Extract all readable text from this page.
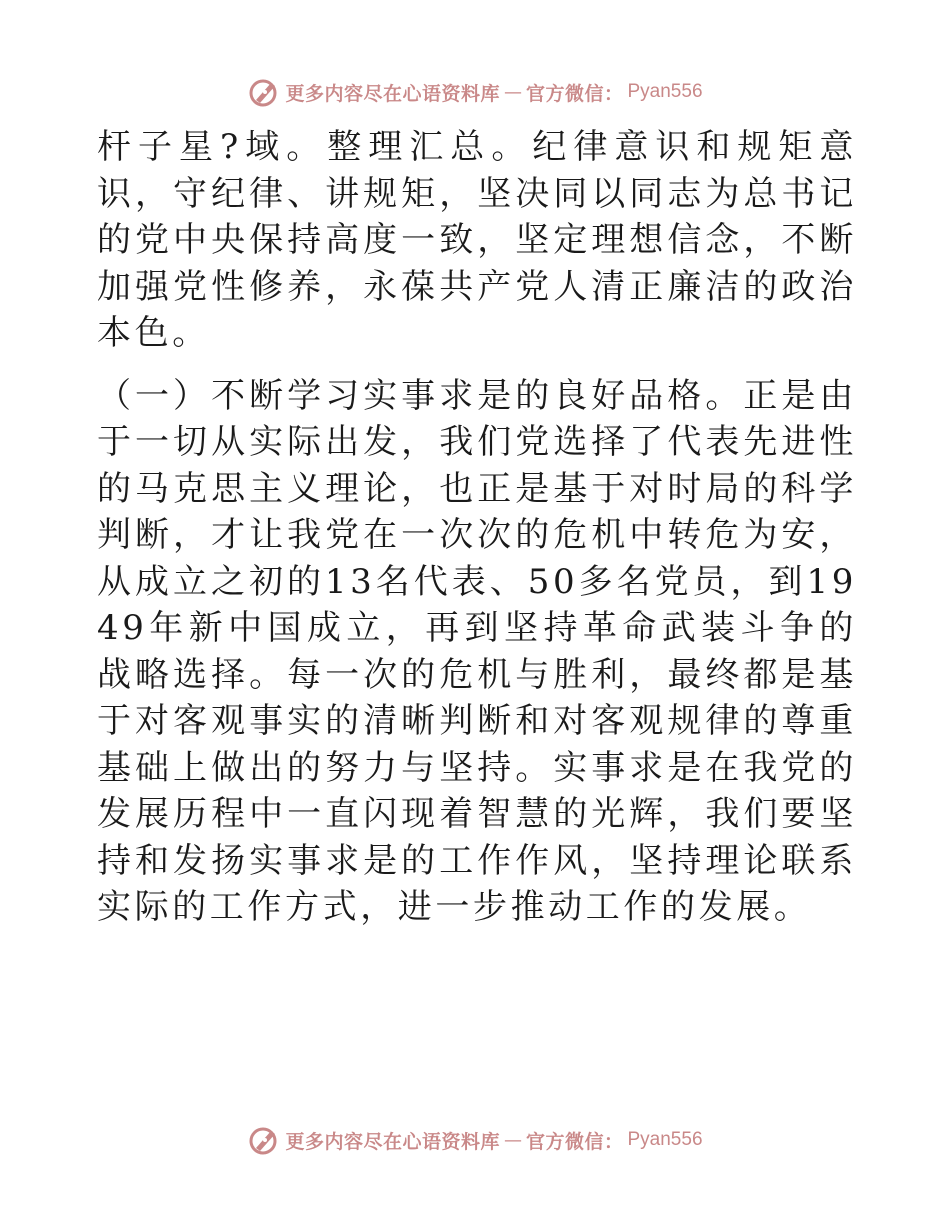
更多内容尽在心语资料库 — 官方微信： Pyan556

杆子星?域。整理汇总。纪律意识和规矩意识，守纪律、讲规矩，坚决同以同志为总书记的党中央保持高度一致，坚定理想信念，不断加强党性修养，永葆共产党人清正廉洁的政治本色。

（一）不断学习实事求是的良好品格。正是由于一切从实际出发，我们党选择了代表先进性的马克思主义理论，也正是基于对时局的科学判断，才让我党在一次次的危机中转危为安，从成立之初的13名代表、50多名党员，到1949年新中国成立，再到坚持革命武装斗争的战略选择。每一次的危机与胜利，最终都是基于对客观事实的清晰判断和对客观规律的尊重基础上做出的努力与坚持。实事求是在我党的发展历程中一直闪现着智慧的光辉，我们要坚持和发扬实事求是的工作作风，坚持理论联系实际的工作方式，进一步推动工作的发展。

更多内容尽在心语资料库 — 官方微信： Pyan556
